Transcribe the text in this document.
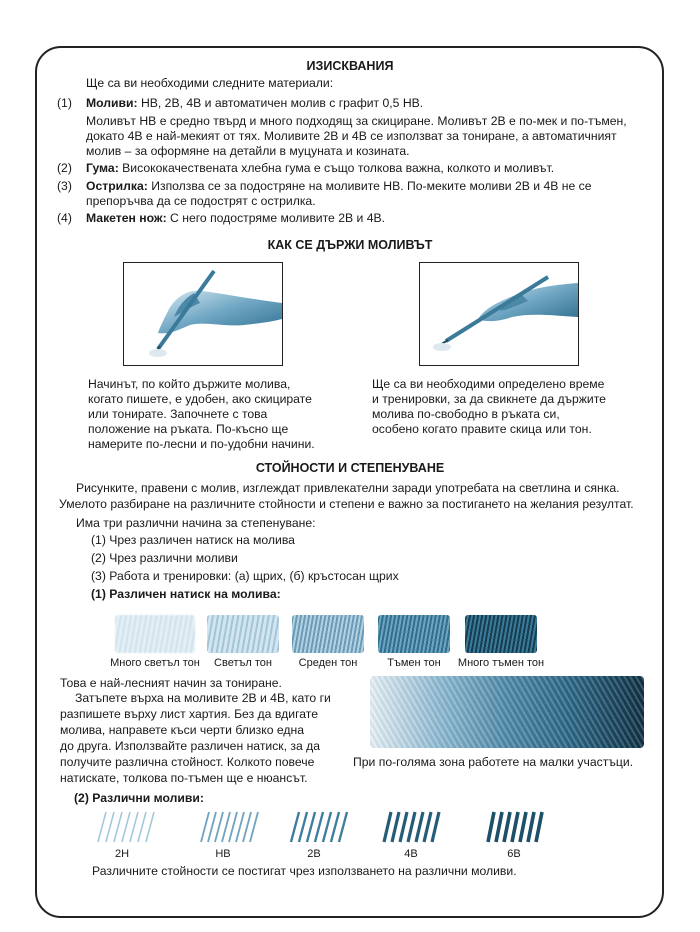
ИЗИСКВАНИЯ
Ще са ви необходими следните материали:
(1)	Моливи: HB, 2B, 4B и автоматичен молив с графит 0,5 HB.
Моливът HB е средно твърд и много подходящ за скициране. Моливът 2B е по-мек и по-тъмен,
докато 4B е най-мекият от тях. Моливите 2B и 4B се използват за тониране, а автоматичният
молив – за оформяне на детайли в муцуната и козината.
(2)	Гума: Висококачествената хлебна гума е също толкова важна, колкото и моливът.
(3)	Острилка: Използва се за подостряне на моливите HB. По-меките моливи 2B и 4B не се
препоръчва да се подострят с острилка.
(4)	Макетен нож: С него подостряме моливите 2B и 4B.
КАК СЕ ДЪРЖИ МОЛИВЪТ
Начинът, по който държите молива,
когато пишете, е удобен, ако скицирате
или тонирате. Започнете с това
положение на ръката. По-късно ще
намерите по-лесни и по-удобни начини.
Ще са ви необходими определено време
и тренировки, за да свикнете да държите
молива по-свободно в ръката си,
особено когато правите скица или тон.
СТОЙНОСТИ И СТЕПЕНУВАНЕ
Рисунките, правени с молив, изглеждат привлекателни заради употребата на светлина и сянка.
Умелото разбиране на различните стойности и степени е важно за постигането на желания резултат.
Има три различни начина за степенуване:
(1) Чрез различен натиск на молива
(2) Чрез различни моливи
(3) Работа и тренировки: (а) щрих, (б) кръстосан щрих
(1) Различен натиск на молива:
Много светъл тон	Светъл тон	Среден тон	Тъмен тон	Много тъмен тон
Това е най-лесният начин за тониране.
Затъпете върха на моливите 2B и 4B, като ги
разпишете върху лист хартия. Без да вдигате
молива, направете къси черти близко една
до друга. Използвайте различен натиск, за да
получите различна стойност. Колкото повече
натискате, толкова по-тъмен ще е нюансът.
При по-голяма зона работете на малки участъци.
(2) Различни моливи:
2H	HB	2B	4B	6B
Различните стойности се постигат чрез използването на различни моливи.
